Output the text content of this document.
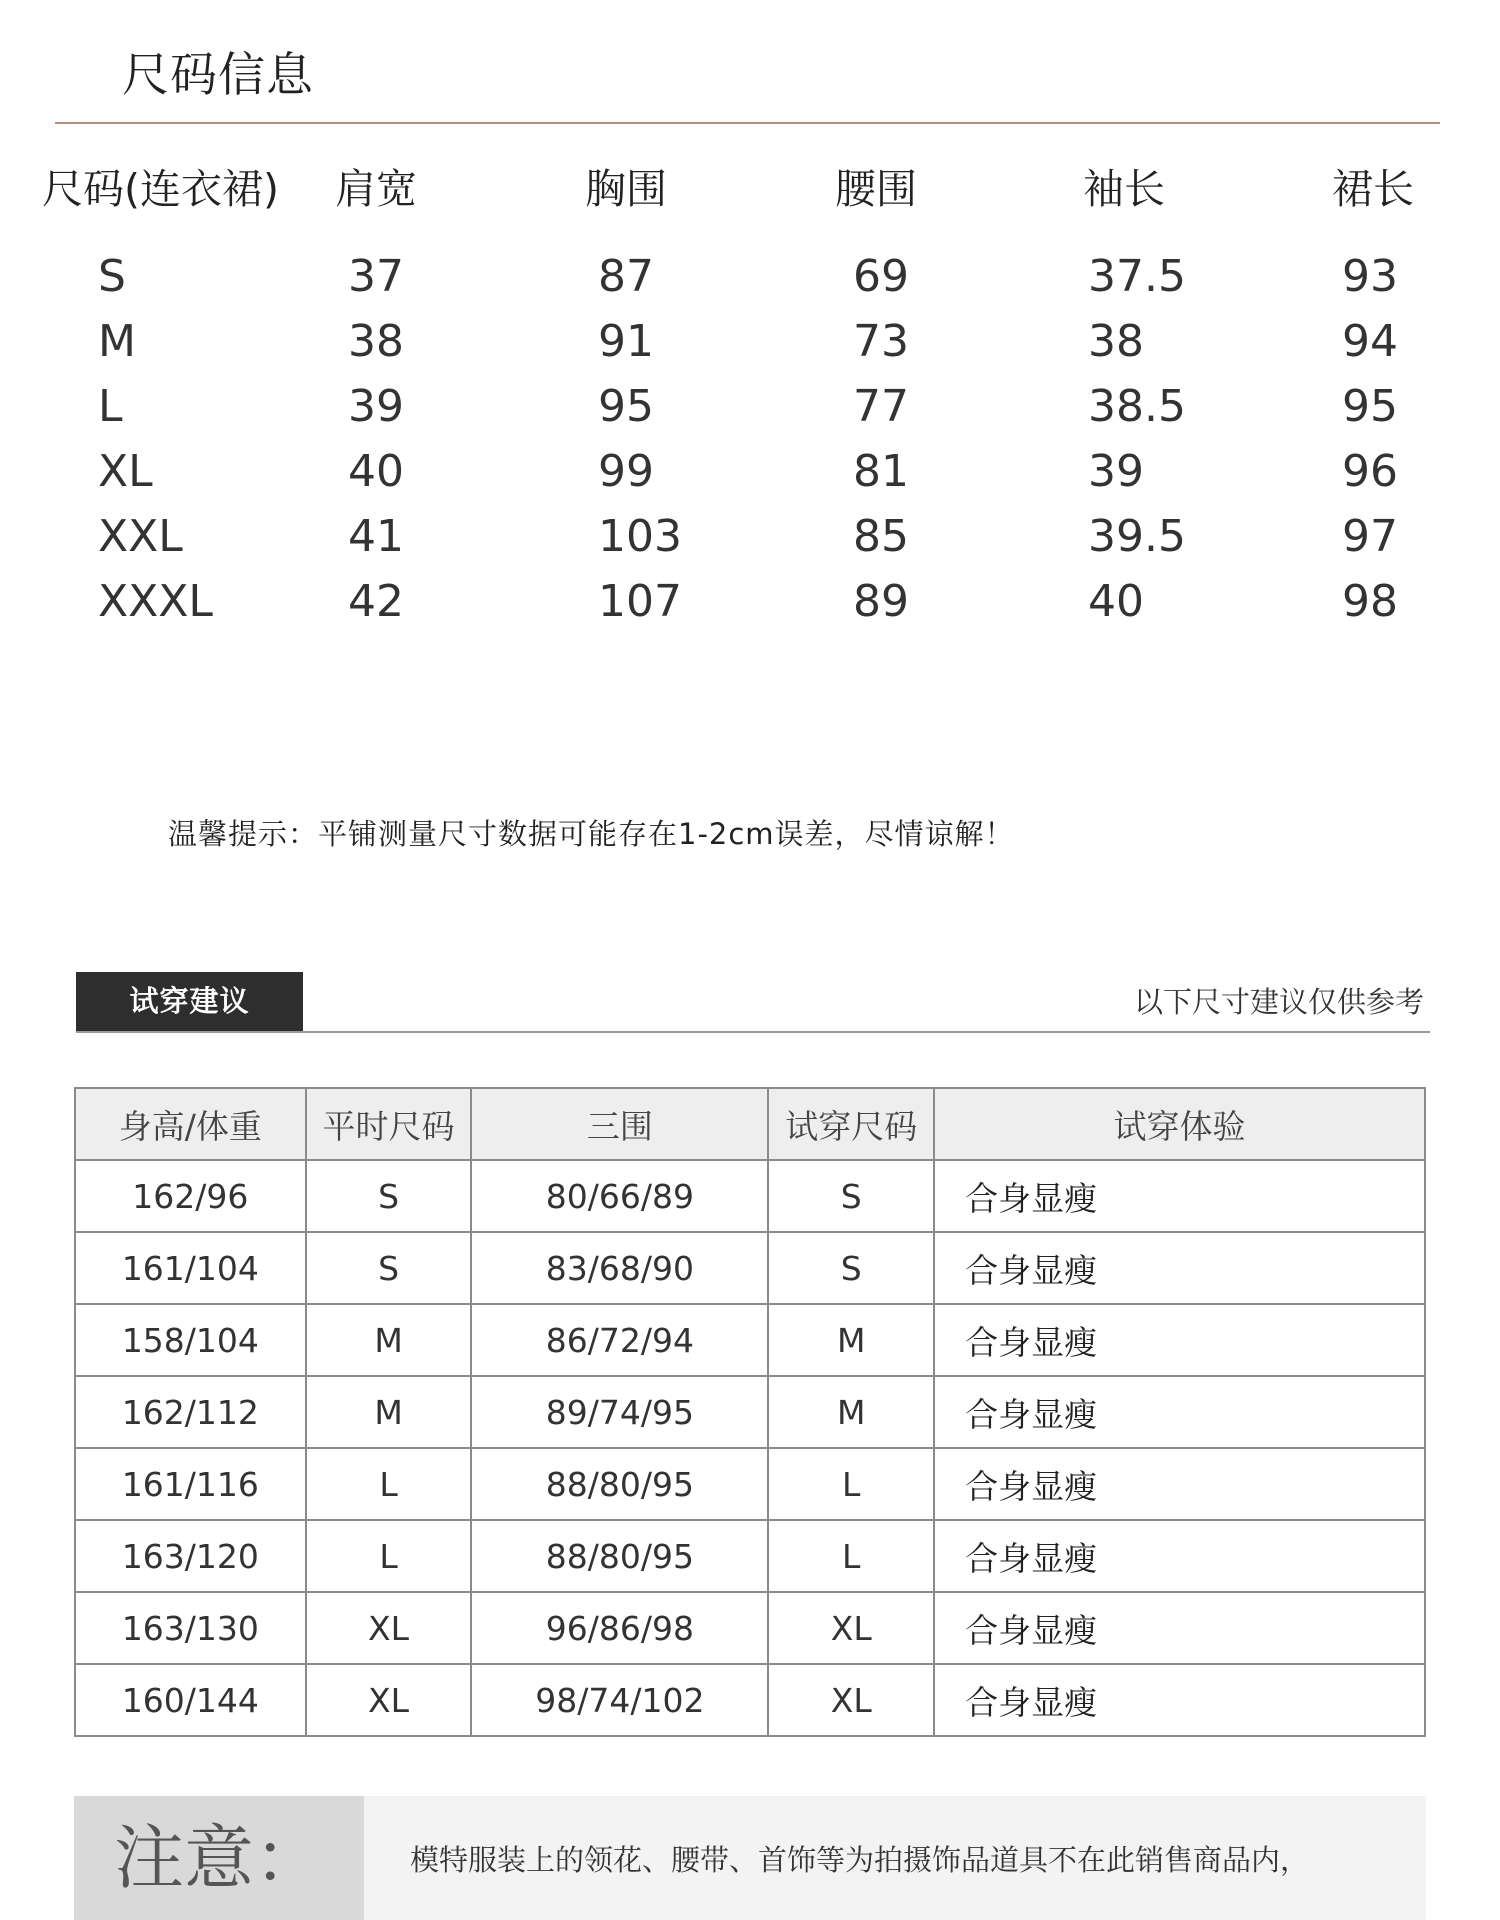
尺码信息
尺码(连衣裙) 肩宽	胸围	腰围	袖长	裙长
S	37	87	69	37.5	93
M	38	91	73	38	94
L	39	95	77	38.5	95
XL	40	99	81	39	96
XXL	41	103	85	39.5	97
XXXL	42	107	89	40	98
温馨提示：平铺测量尺寸数据可能存在1-2cm误差，尽情谅解！
试穿建议	以下尺寸建议仅供参考
身高/体重	平时尺码	三围	试穿尺码	试穿体验
162/96	S	80/66/89	S	合身显瘦
161/104	S	83/68/90	S	合身显瘦
158/104	M	86/72/94	M	合身显瘦
162/112	M	89/74/95	M	合身显瘦
161/116	L	88/80/95	L	合身显瘦
163/120	L	88/80/95	L	合身显瘦
163/130	XL	96/86/98	XL	合身显瘦
160/144	XL	98/74/102	XL	合身显瘦
注意：	模特服装上的领花、腰带、首饰等为拍摄饰品道具不在此销售商品内，
